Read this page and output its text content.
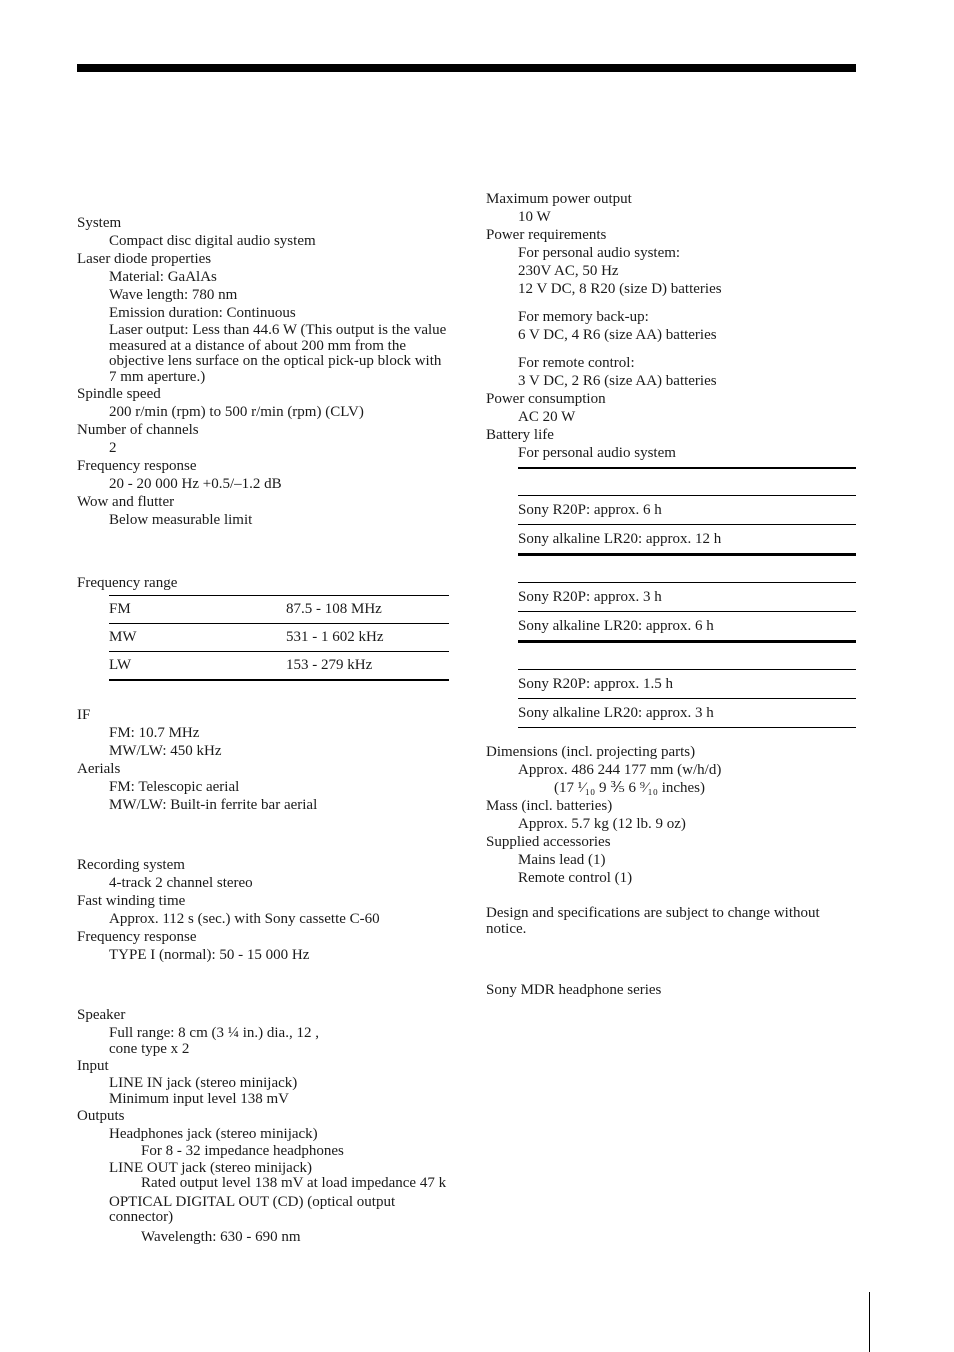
System
Compact disc digital audio system
Laser diode properties
Material: GaAlAs
Wave length: 780 nm
Emission duration: Continuous
Laser output: Less than 44.6 W (This output is the value measured at a distance of about 200 mm from the objective lens surface on the optical pick-up block with 7 mm aperture.)
Spindle speed
200 r/min (rpm) to 500 r/min (rpm) (CLV)
Number of channels
2
Frequency response
20 - 20 000 Hz +0.5/–1.2 dB
Wow and flutter
Below measurable limit
Frequency range
FM	87.5 - 108 MHz
MW	531 - 1 602 kHz
LW	153 - 279 kHz
IF
FM: 10.7 MHz
MW/LW: 450 kHz
Aerials
FM: Telescopic aerial
MW/LW: Built-in ferrite bar aerial
Recording system
4-track 2 channel stereo
Fast winding time
Approx. 112 s (sec.) with Sony cassette C-60
Frequency response
TYPE I (normal): 50 - 15 000 Hz
Speaker
Full range: 8 cm (3 ¼ in.) dia., 12 ,
cone type x 2
Input
LINE IN jack (stereo minijack)
Minimum input level 138 mV
Outputs
Headphones jack (stereo minijack)
For 8 - 32 impedance headphones
LINE OUT jack (stereo minijack)
Rated output level 138 mV at load impedance 47 k
OPTICAL DIGITAL OUT (CD) (optical output connector)
Wavelength: 630 - 690 nm
Maximum power output
10 W
Power requirements
For personal audio system:
230V AC, 50 Hz
12 V DC, 8 R20 (size D) batteries
For memory back-up:
6 V DC, 4 R6 (size AA) batteries
For remote control:
3 V DC, 2 R6 (size AA) batteries
Power consumption
AC 20 W
Battery life
For personal audio system
Sony R20P: approx. 6 h
Sony alkaline LR20: approx. 12 h
Sony R20P: approx. 3 h
Sony alkaline LR20: approx. 6 h
Sony R20P: approx. 1.5 h
Sony alkaline LR20: approx. 3 h
Dimensions (incl. projecting parts)
Approx. 486 244 177 mm (w/h/d)
(17 ¹⁄₁₀ 9 ⅗ 6 ⁹⁄₁₀ inches)
Mass (incl. batteries)
Approx. 5.7 kg (12 lb. 9 oz)
Supplied accessories
Mains lead (1)
Remote control (1)
Design and specifications are subject to change without notice.
Sony MDR headphone series
